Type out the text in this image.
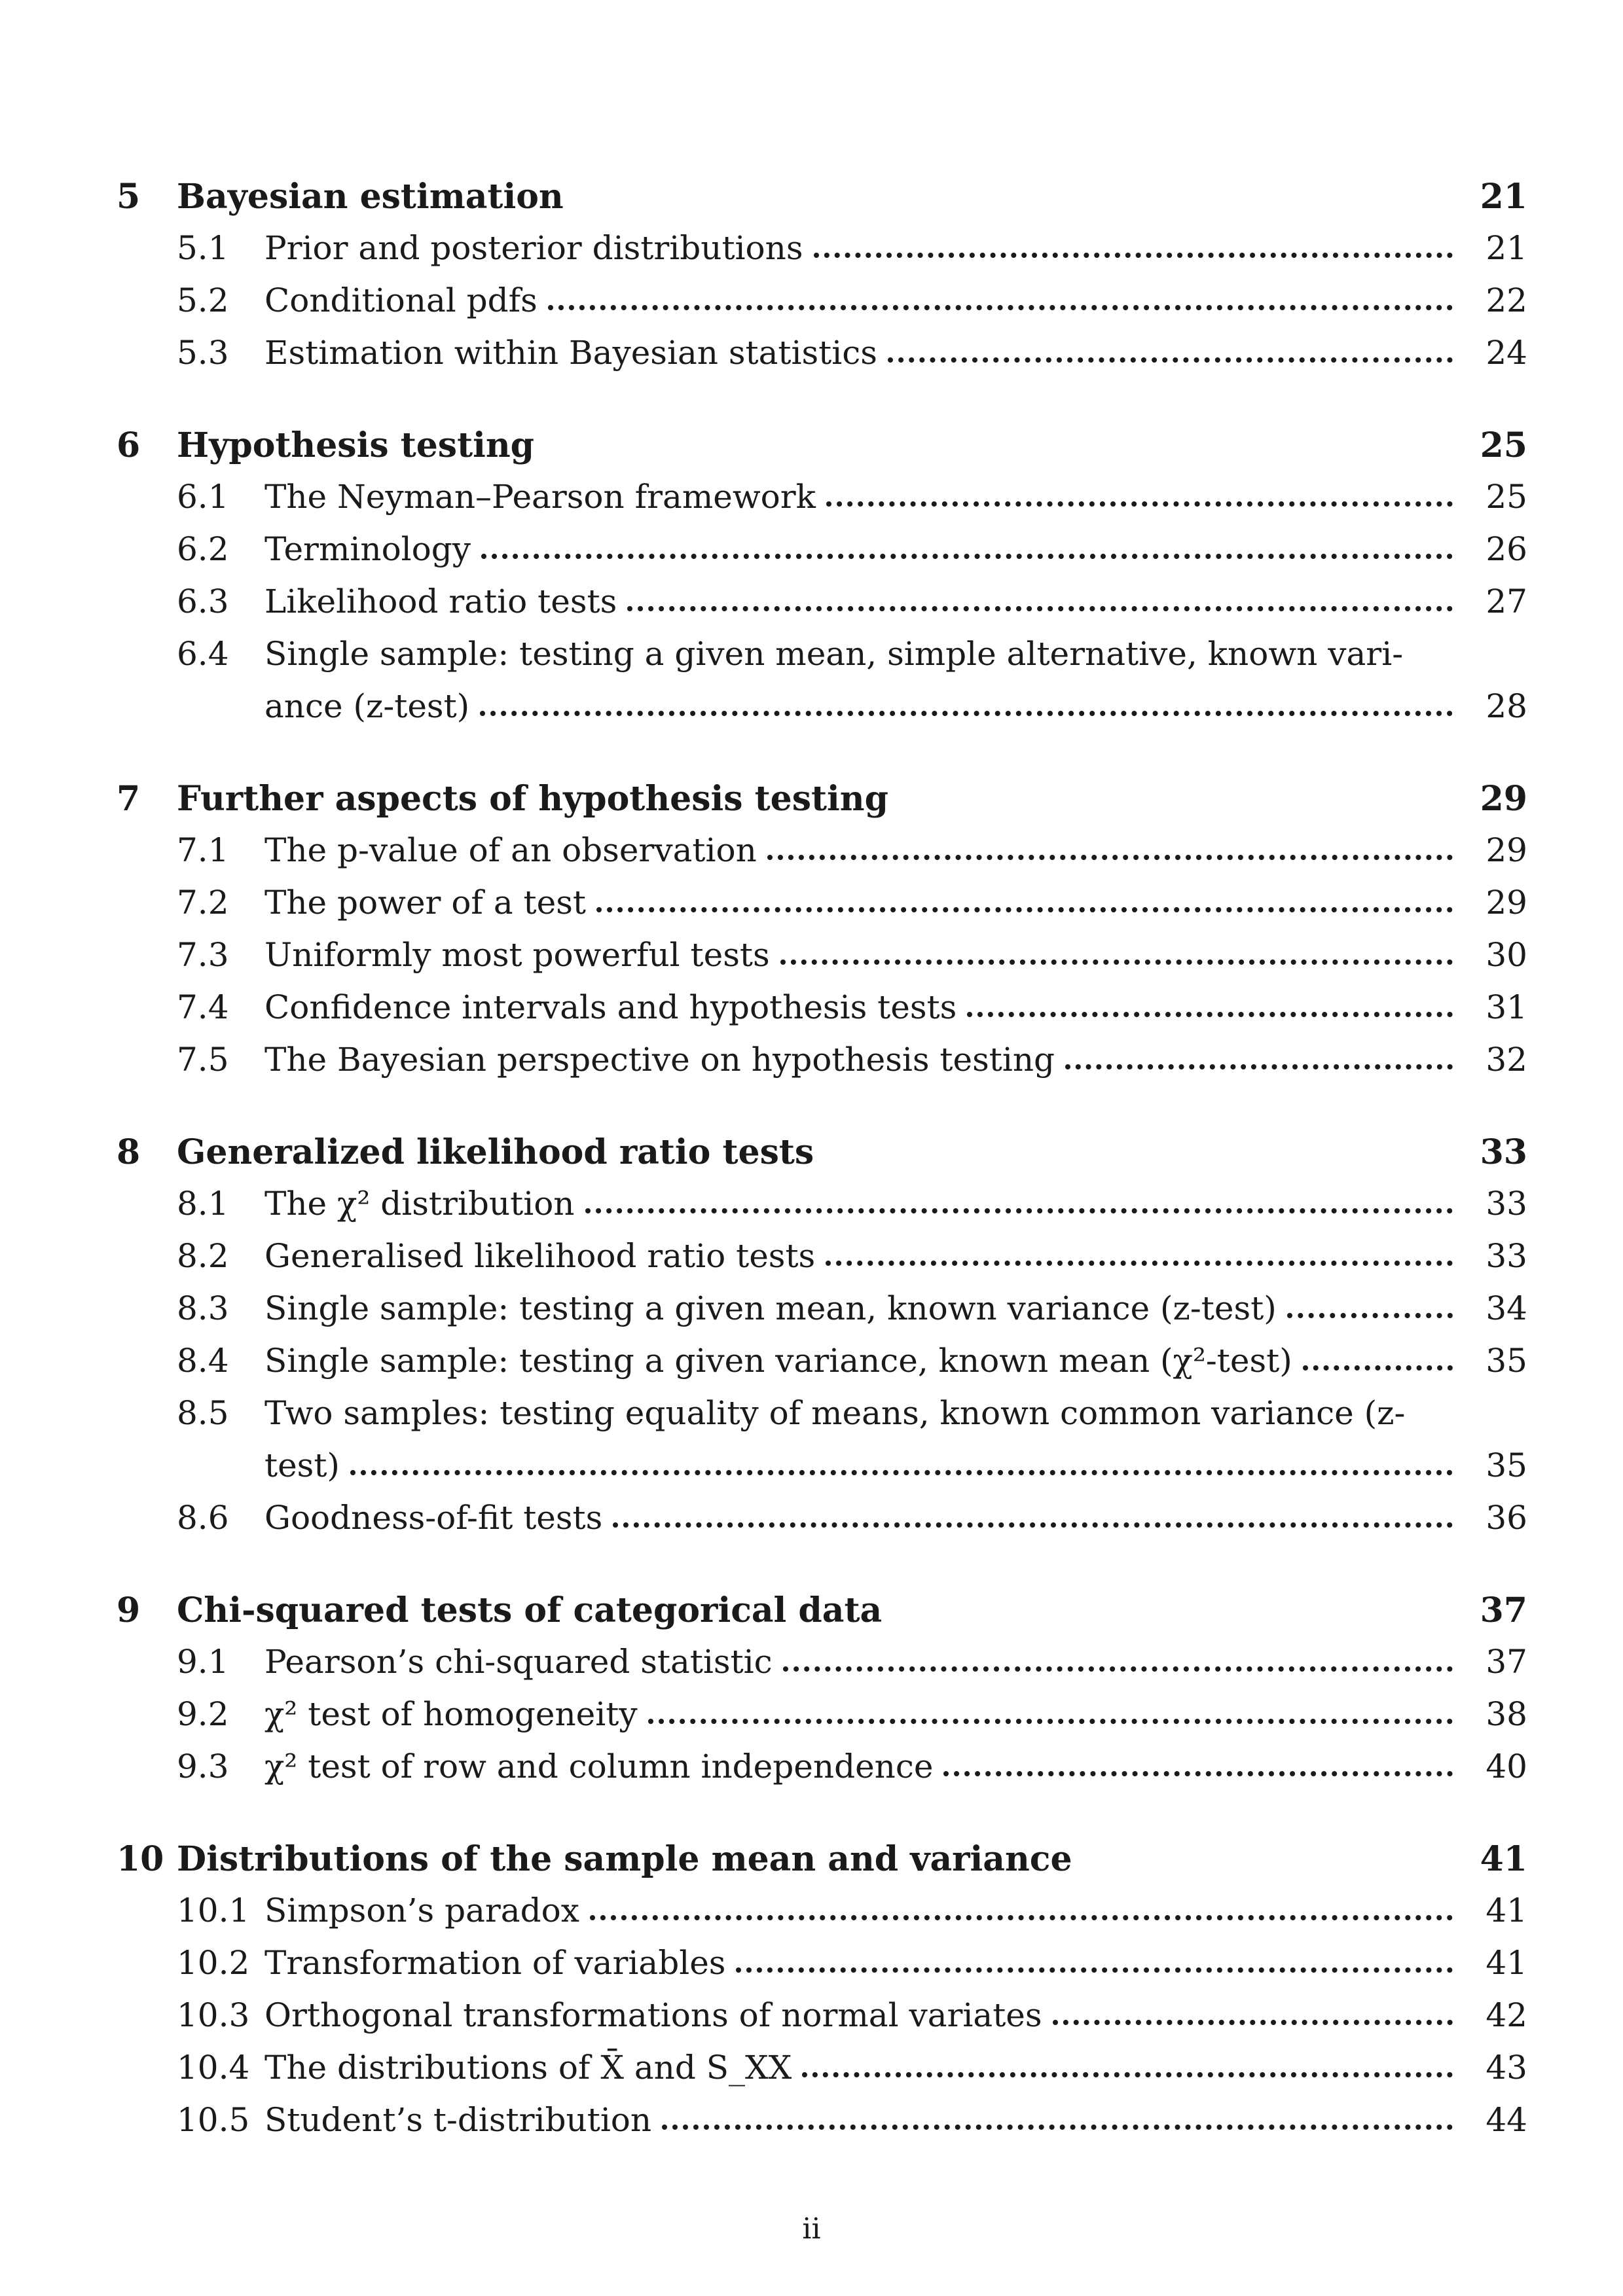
5	Bayesian estimation	21
5.1	Prior and posterior distributions	21
5.2	Conditional pdfs	22
5.3	Estimation within Bayesian statistics	24
6	Hypothesis testing	25
6.1	The Neyman–Pearson framework	25
6.2	Terminology	26
6.3	Likelihood ratio tests	27
6.4	Single sample: testing a given mean, simple alternative, known vari-
ance (z-test)	28
7	Further aspects of hypothesis testing	29
7.1	The p-value of an observation	29
7.2	The power of a test	29
7.3	Uniformly most powerful tests	30
7.4	Confidence intervals and hypothesis tests	31
7.5	The Bayesian perspective on hypothesis testing	32
8	Generalized likelihood ratio tests	33
8.1	The χ² distribution	33
8.2	Generalised likelihood ratio tests	33
8.3	Single sample: testing a given mean, known variance (z-test)	34
8.4	Single sample: testing a given variance, known mean (χ²-test)	35
8.5	Two samples: testing equality of means, known common variance (z-
test)	35
8.6	Goodness-of-fit tests	36
9	Chi-squared tests of categorical data	37
9.1	Pearson’s chi-squared statistic	37
9.2	χ² test of homogeneity	38
9.3	χ² test of row and column independence	40
10 Distributions of the sample mean and variance	41
10.1 Simpson’s paradox	41
10.2 Transformation of variables	41
10.3 Orthogonal transformations of normal variates	42
10.4 The distributions of X̄ and S_XX	43
10.5 Student’s t-distribution	44
ii
